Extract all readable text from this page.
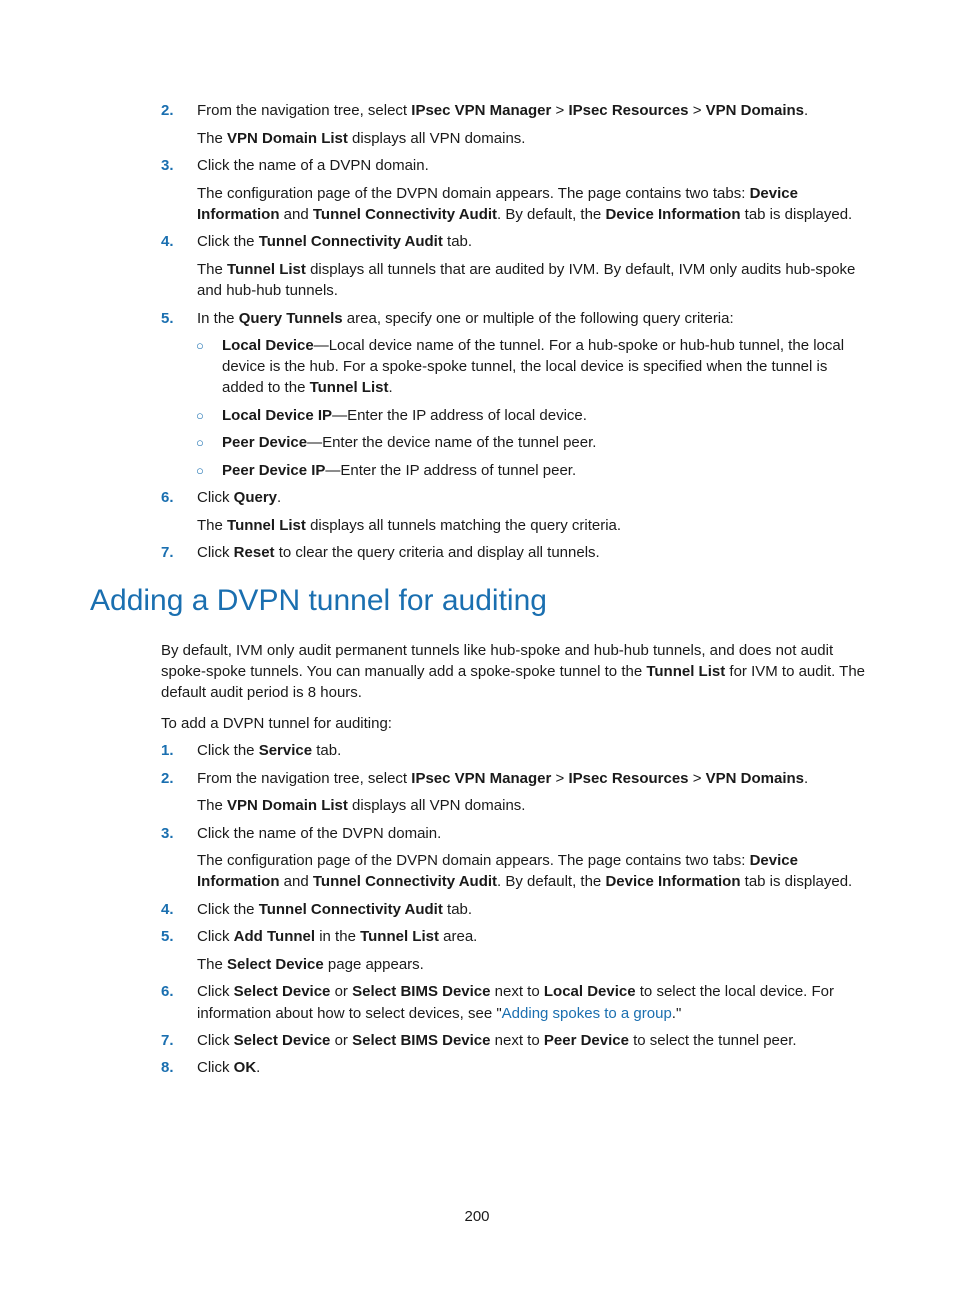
2.	From the navigation tree, select IPsec VPN Manager > IPsec Resources > VPN Domains.
The VPN Domain List displays all VPN domains.
3.	Click the name of a DVPN domain.
The configuration page of the DVPN domain appears. The page contains two tabs: Device
Information and Tunnel Connectivity Audit. By default, the Device Information tab is displayed.
4.	Click the Tunnel Connectivity Audit tab.
The Tunnel List displays all tunnels that are audited by IVM. By default, IVM only audits hub-spoke
and hub-hub tunnels.
5.	In the Query Tunnels area, specify one or multiple of the following query criteria:
○ Local Device—Local device name of the tunnel. For a hub-spoke or hub-hub tunnel, the local
device is the hub. For a spoke-spoke tunnel, the local device is specified when the tunnel is
added to the Tunnel List.
○ Local Device IP—Enter the IP address of local device.
○ Peer Device—Enter the device name of the tunnel peer.
○ Peer Device IP—Enter the IP address of tunnel peer.
6.	Click Query.
The Tunnel List displays all tunnels matching the query criteria.
7.	Click Reset to clear the query criteria and display all tunnels.
Adding a DVPN tunnel for auditing
By default, IVM only audit permanent tunnels like hub-spoke and hub-hub tunnels, and does not audit
spoke-spoke tunnels. You can manually add a spoke-spoke tunnel to the Tunnel List for IVM to audit. The
default audit period is 8 hours.
To add a DVPN tunnel for auditing:
1.	Click the Service tab.
2.	From the navigation tree, select IPsec VPN Manager > IPsec Resources > VPN Domains.
The VPN Domain List displays all VPN domains.
3.	Click the name of the DVPN domain.
The configuration page of the DVPN domain appears. The page contains two tabs: Device
Information and Tunnel Connectivity Audit. By default, the Device Information tab is displayed.
4.	Click the Tunnel Connectivity Audit tab.
5.	Click Add Tunnel in the Tunnel List area.
The Select Device page appears.
6.	Click Select Device or Select BIMS Device next to Local Device to select the local device. For
information about how to select devices, see "Adding spokes to a group."
7.	Click Select Device or Select BIMS Device next to Peer Device to select the tunnel peer.
8.	Click OK.
200
